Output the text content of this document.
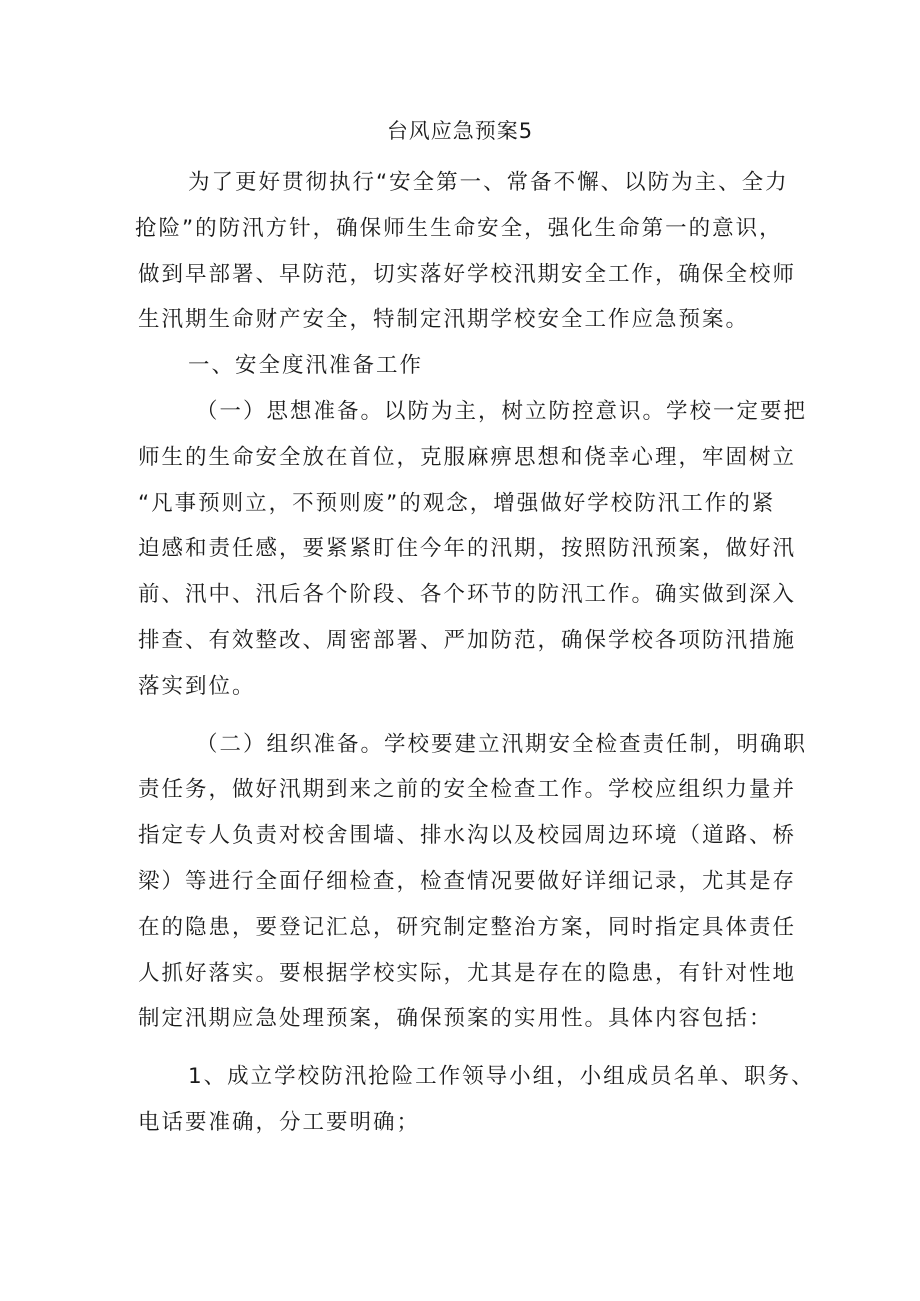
台风应急预案5
为了更好贯彻执行“安全第一、常备不懈、以防为主、全力
抢险”的防汛方针，确保师生生命安全，强化生命第一的意识，
做到早部署、早防范，切实落好学校汛期安全工作，确保全校师
生汛期生命财产安全，特制定汛期学校安全工作应急预案。
一、安全度汛准备工作
（一）思想准备。以防为主，树立防控意识。学校一定要把
师生的生命安全放在首位，克服麻痹思想和侥幸心理，牢固树立
“凡事预则立，不预则废”的观念，增强做好学校防汛工作的紧
迫感和责任感，要紧紧盯住今年的汛期，按照防汛预案，做好汛
前、汛中、汛后各个阶段、各个环节的防汛工作。确实做到深入
排查、有效整改、周密部署、严加防范，确保学校各项防汛措施
落实到位。
（二）组织准备。学校要建立汛期安全检查责任制，明确职
责任务，做好汛期到来之前的安全检查工作。学校应组织力量并
指定专人负责对校舍围墙、排水沟以及校园周边环境（道路、桥
梁）等进行全面仔细检查，检查情况要做好详细记录，尤其是存
在的隐患，要登记汇总，研究制定整治方案，同时指定具体责任
人抓好落实。要根据学校实际，尤其是存在的隐患，有针对性地
制定汛期应急处理预案，确保预案的实用性。具体内容包括：
1、成立学校防汛抢险工作领导小组，小组成员名单、职务、
电话要准确，分工要明确；
